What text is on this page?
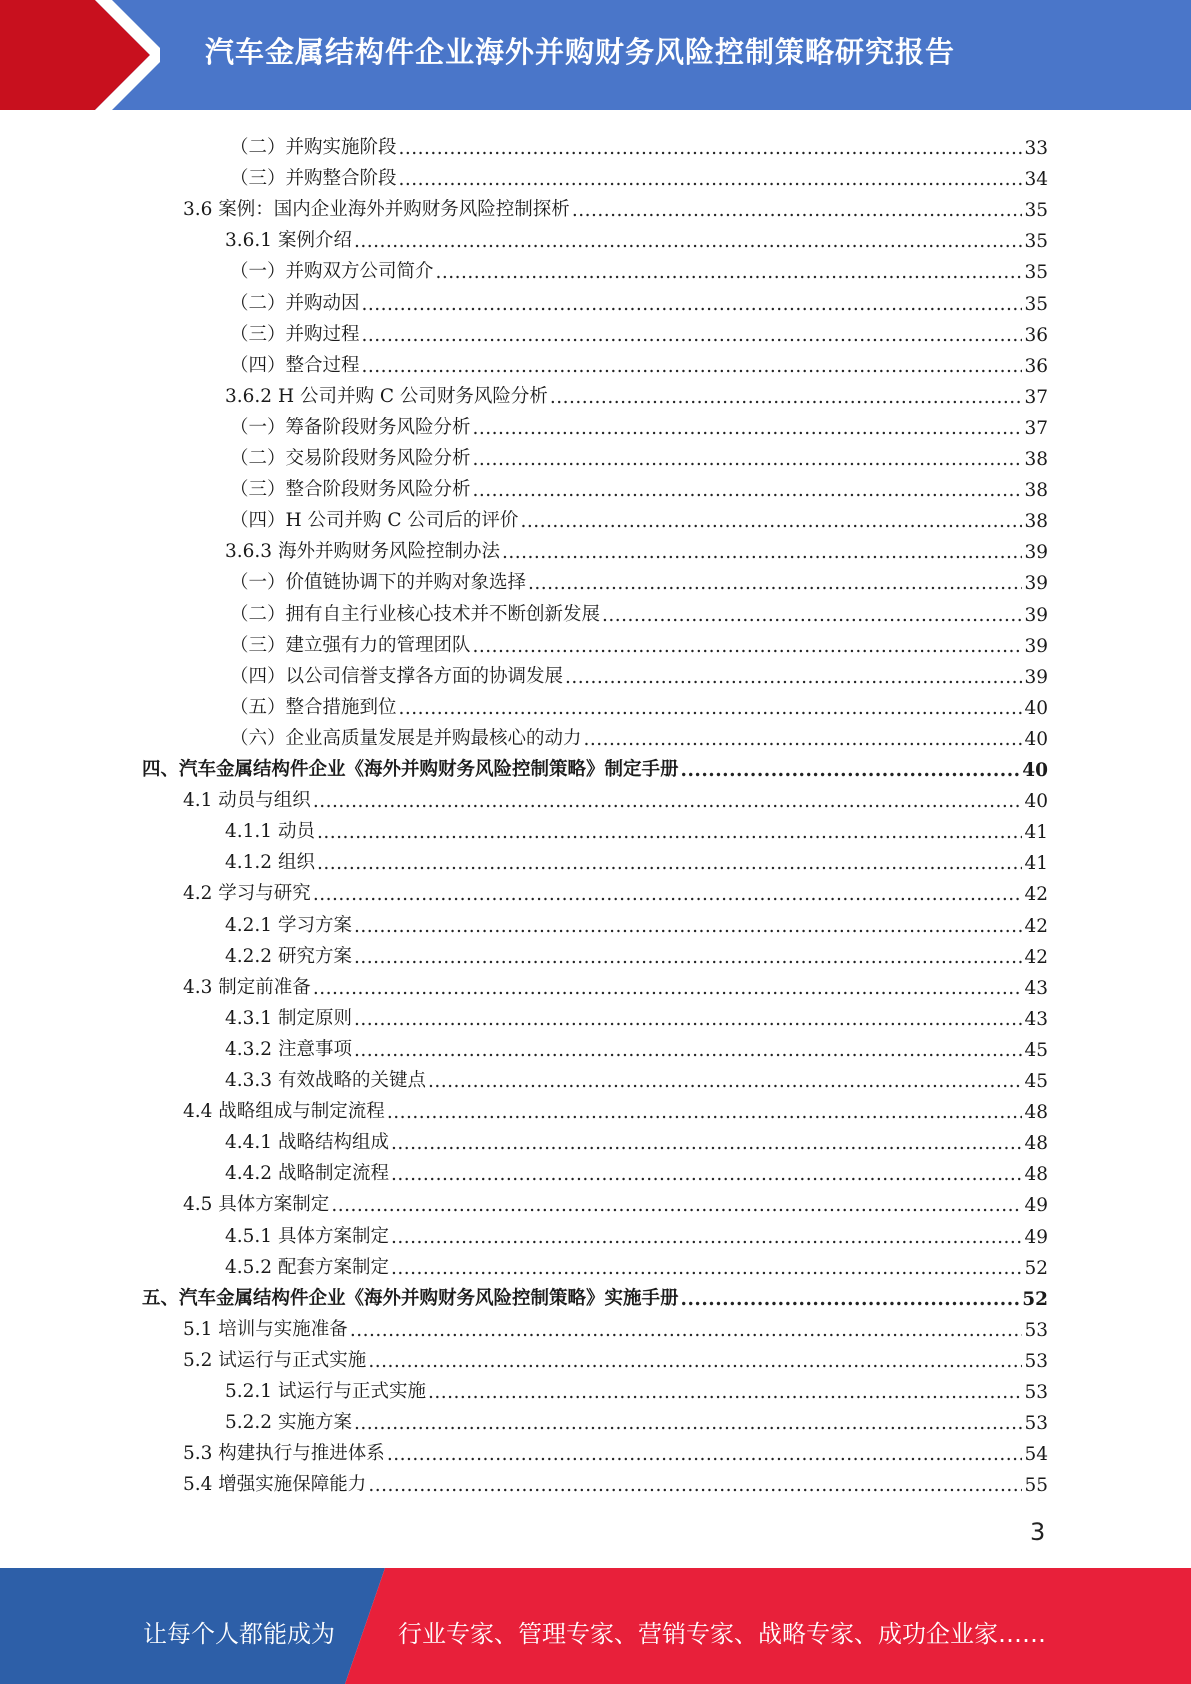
汽车金属结构件企业海外并购财务风险控制策略研究报告
（二）并购实施阶段 .....	33
（三）并购整合阶段 .....	34
3.6 案例：国内企业海外并购财务风险控制探析 .....	35
3.6.1 案例介绍 .....	35
（一）并购双方公司简介 .....	35
（二）并购动因 .....	35
（三）并购过程 .....	36
（四）整合过程 .....	36
3.6.2 H 公司并购 C 公司财务风险分析 .....	37
（一）筹备阶段财务风险分析 .....	37
（二）交易阶段财务风险分析 .....	38
（三）整合阶段财务风险分析 .....	38
（四）H 公司并购 C 公司后的评价 .....	38
3.6.3 海外并购财务风险控制办法 .....	39
（一）价值链协调下的并购对象选择 .....	39
（二）拥有自主行业核心技术并不断创新发展 .....	39
（三）建立强有力的管理团队 .....	39
（四）以公司信誉支撑各方面的协调发展 .....	39
（五）整合措施到位 .....	40
（六）企业高质量发展是并购最核心的动力 .....	40
四、汽车金属结构件企业《海外并购财务风险控制策略》制定手册 .....	40
4.1 动员与组织 .....	40
4.1.1 动员 .....	41
4.1.2 组织 .....	41
4.2 学习与研究 .....	42
4.2.1 学习方案 .....	42
4.2.2 研究方案 .....	42
4.3 制定前准备 .....	43
4.3.1 制定原则 .....	43
4.3.2 注意事项 .....	45
4.3.3 有效战略的关键点 .....	45
4.4 战略组成与制定流程 .....	48
4.4.1 战略结构组成 .....	48
4.4.2 战略制定流程 .....	48
4.5 具体方案制定 .....	49
4.5.1 具体方案制定 .....	49
4.5.2 配套方案制定 .....	52
五、汽车金属结构件企业《海外并购财务风险控制策略》实施手册 .....	52
5.1 培训与实施准备 .....	53
5.2 试运行与正式实施 .....	53
5.2.1 试运行与正式实施 .....	53
5.2.2 实施方案 .....	53
5.3 构建执行与推进体系 .....	54
5.4 增强实施保障能力 .....	55
3
让每个人都能成为	行业专家、管理专家、营销专家、战略专家、成功企业家……
